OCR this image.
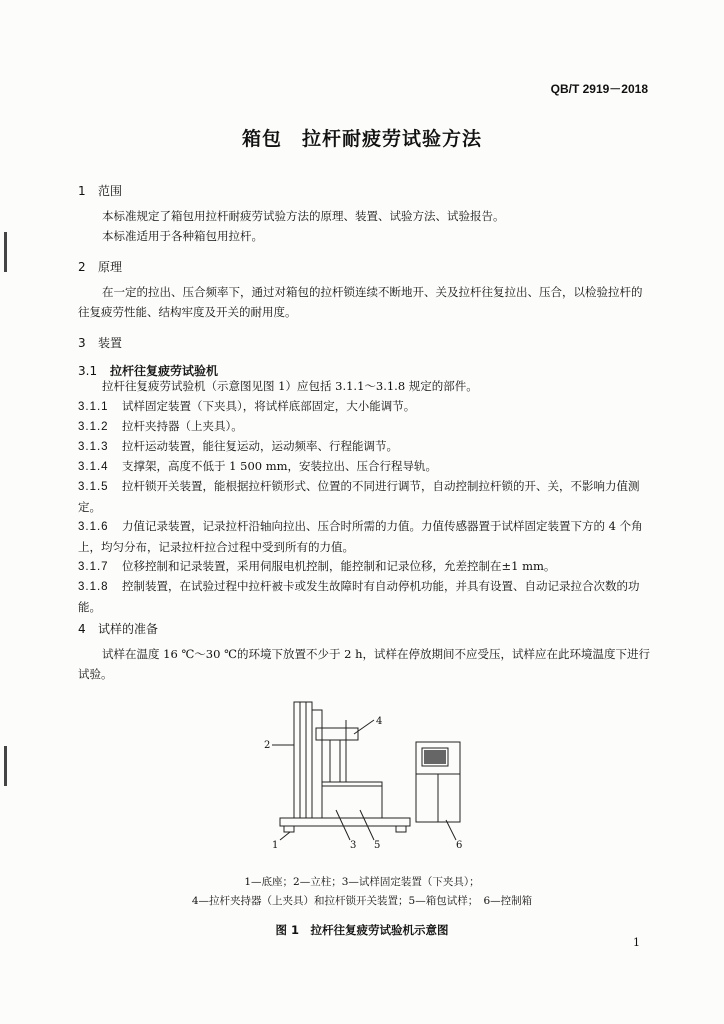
QB/T 2919－2018
箱包　拉杆耐疲劳试验方法
1 范围
本标准规定了箱包用拉杆耐疲劳试验方法的原理、装置、试验方法、试验报告。
本标准适用于各种箱包用拉杆。
2 原理
在一定的拉出、压合频率下，通过对箱包的拉杆锁连续不断地开、关及拉杆往复拉出、压合，以检验拉杆的往复疲劳性能、结构牢度及开关的耐用度。
3 装置
3.1 拉杆往复疲劳试验机
拉杆往复疲劳试验机（示意图见图 1）应包括 3.1.1～3.1.8 规定的部件。
3.1.1 试样固定装置（下夹具），将试样底部固定，大小能调节。
3.1.2 拉杆夹持器（上夹具）。
3.1.3 拉杆运动装置，能往复运动，运动频率、行程能调节。
3.1.4 支撑架，高度不低于 1 500 mm，安装拉出、压合行程导轨。
3.1.5 拉杆锁开关装置，能根据拉杆锁形式、位置的不同进行调节，自动控制拉杆锁的开、关，不影响力值测定。
3.1.6 力值记录装置，记录拉杆沿轴向拉出、压合时所需的力值。力值传感器置于试样固定装置下方的 4 个角上，均匀分布，记录拉杆拉合过程中受到所有的力值。
3.1.7 位移控制和记录装置，采用伺服电机控制，能控制和记录位移，允差控制在±1 mm。
3.1.8 控制装置，在试验过程中拉杆被卡或发生故障时有自动停机功能，并具有设置、自动记录拉合次数的功能。
4 试样的准备
试样在温度 16 ℃～30 ℃的环境下放置不少于 2 h，试样在停放期间不应受压，试样应在此环境温度下进行试验。
2
4
1	3 5	6
1—底座；2—立柱；3—试样固定装置（下夹具）；
4—拉杆夹持器（上夹具）和拉杆锁开关装置；5—箱包试样；　6—控制箱
图 1　拉杆往复疲劳试验机示意图
1
